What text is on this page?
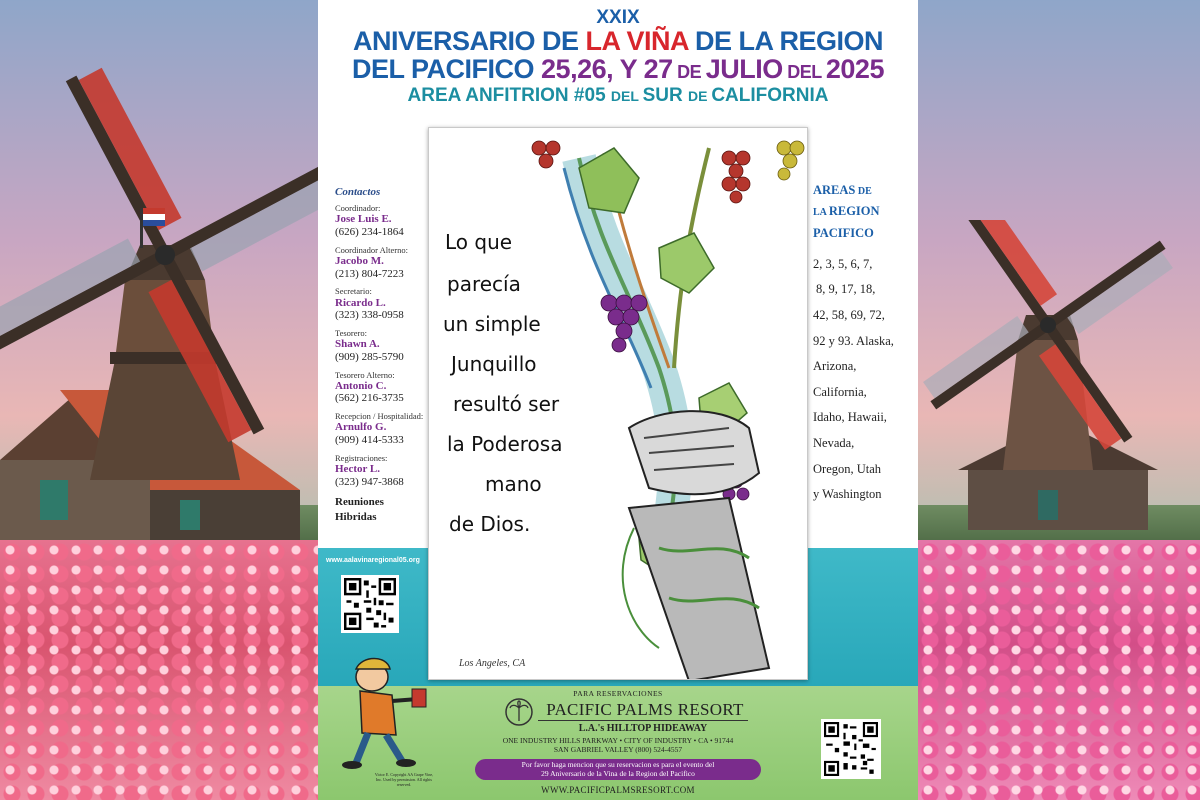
XXIX
ANIVERSARIO DE LA VIÑA DE LA REGION
DEL PACIFICO 25,26, Y 27 DE JULIO DEL 2025
AREA ANFITRION #05 DEL SUR DE CALIFORNIA
Contactos
Coordinador:
Jose Luis E.
(626) 234-1864
Coordinador Alterno:
Jacobo M.
(213) 804-7223
Secretario:
Ricardo L.
(323) 338-0958
Tesorero:
Shawn A.
(909) 285-5790
Tesorero Alterno:
Antonio C.
(562) 216-3735
Recepcion / Hospitalidad:
Arnulfo G.
(909) 414-5333
Registraciones:
Hector L.
(323) 947-3868
Reuniones
Hibridas
AREAS DE
LA REGION
PACIFICO
2, 3, 5, 6, 7,
8, 9, 17, 18,
42, 58, 69, 72,
92 y 93. Alaska,
Arizona,
California,
Idaho, Hawaii,
Nevada,
Oregon, Utah
y Washington
Lo que
parecía
un simple
Junquillo
resultó ser
la Poderosa
mano
de Dios.
Los Angeles, CA
www.aalavinaregional05.org
Victor E. Copyright AA Grape Vine, Inc. Used by permission. All rights reserved.
PARA RESERVACIONES
PACIFIC PALMS RESORT
L.A.'s HILLTOP HIDEAWAY
ONE INDUSTRY HILLS PARKWAY • CITY OF INDUSTRY • CA • 91744
SAN GABRIEL VALLEY (800) 524-4557
Por favor haga mencion que su reservacion es para el evento del
29 Aniversario de la Vina de la Region del Pacifico
WWW.PACIFICPALMSRESORT.COM
